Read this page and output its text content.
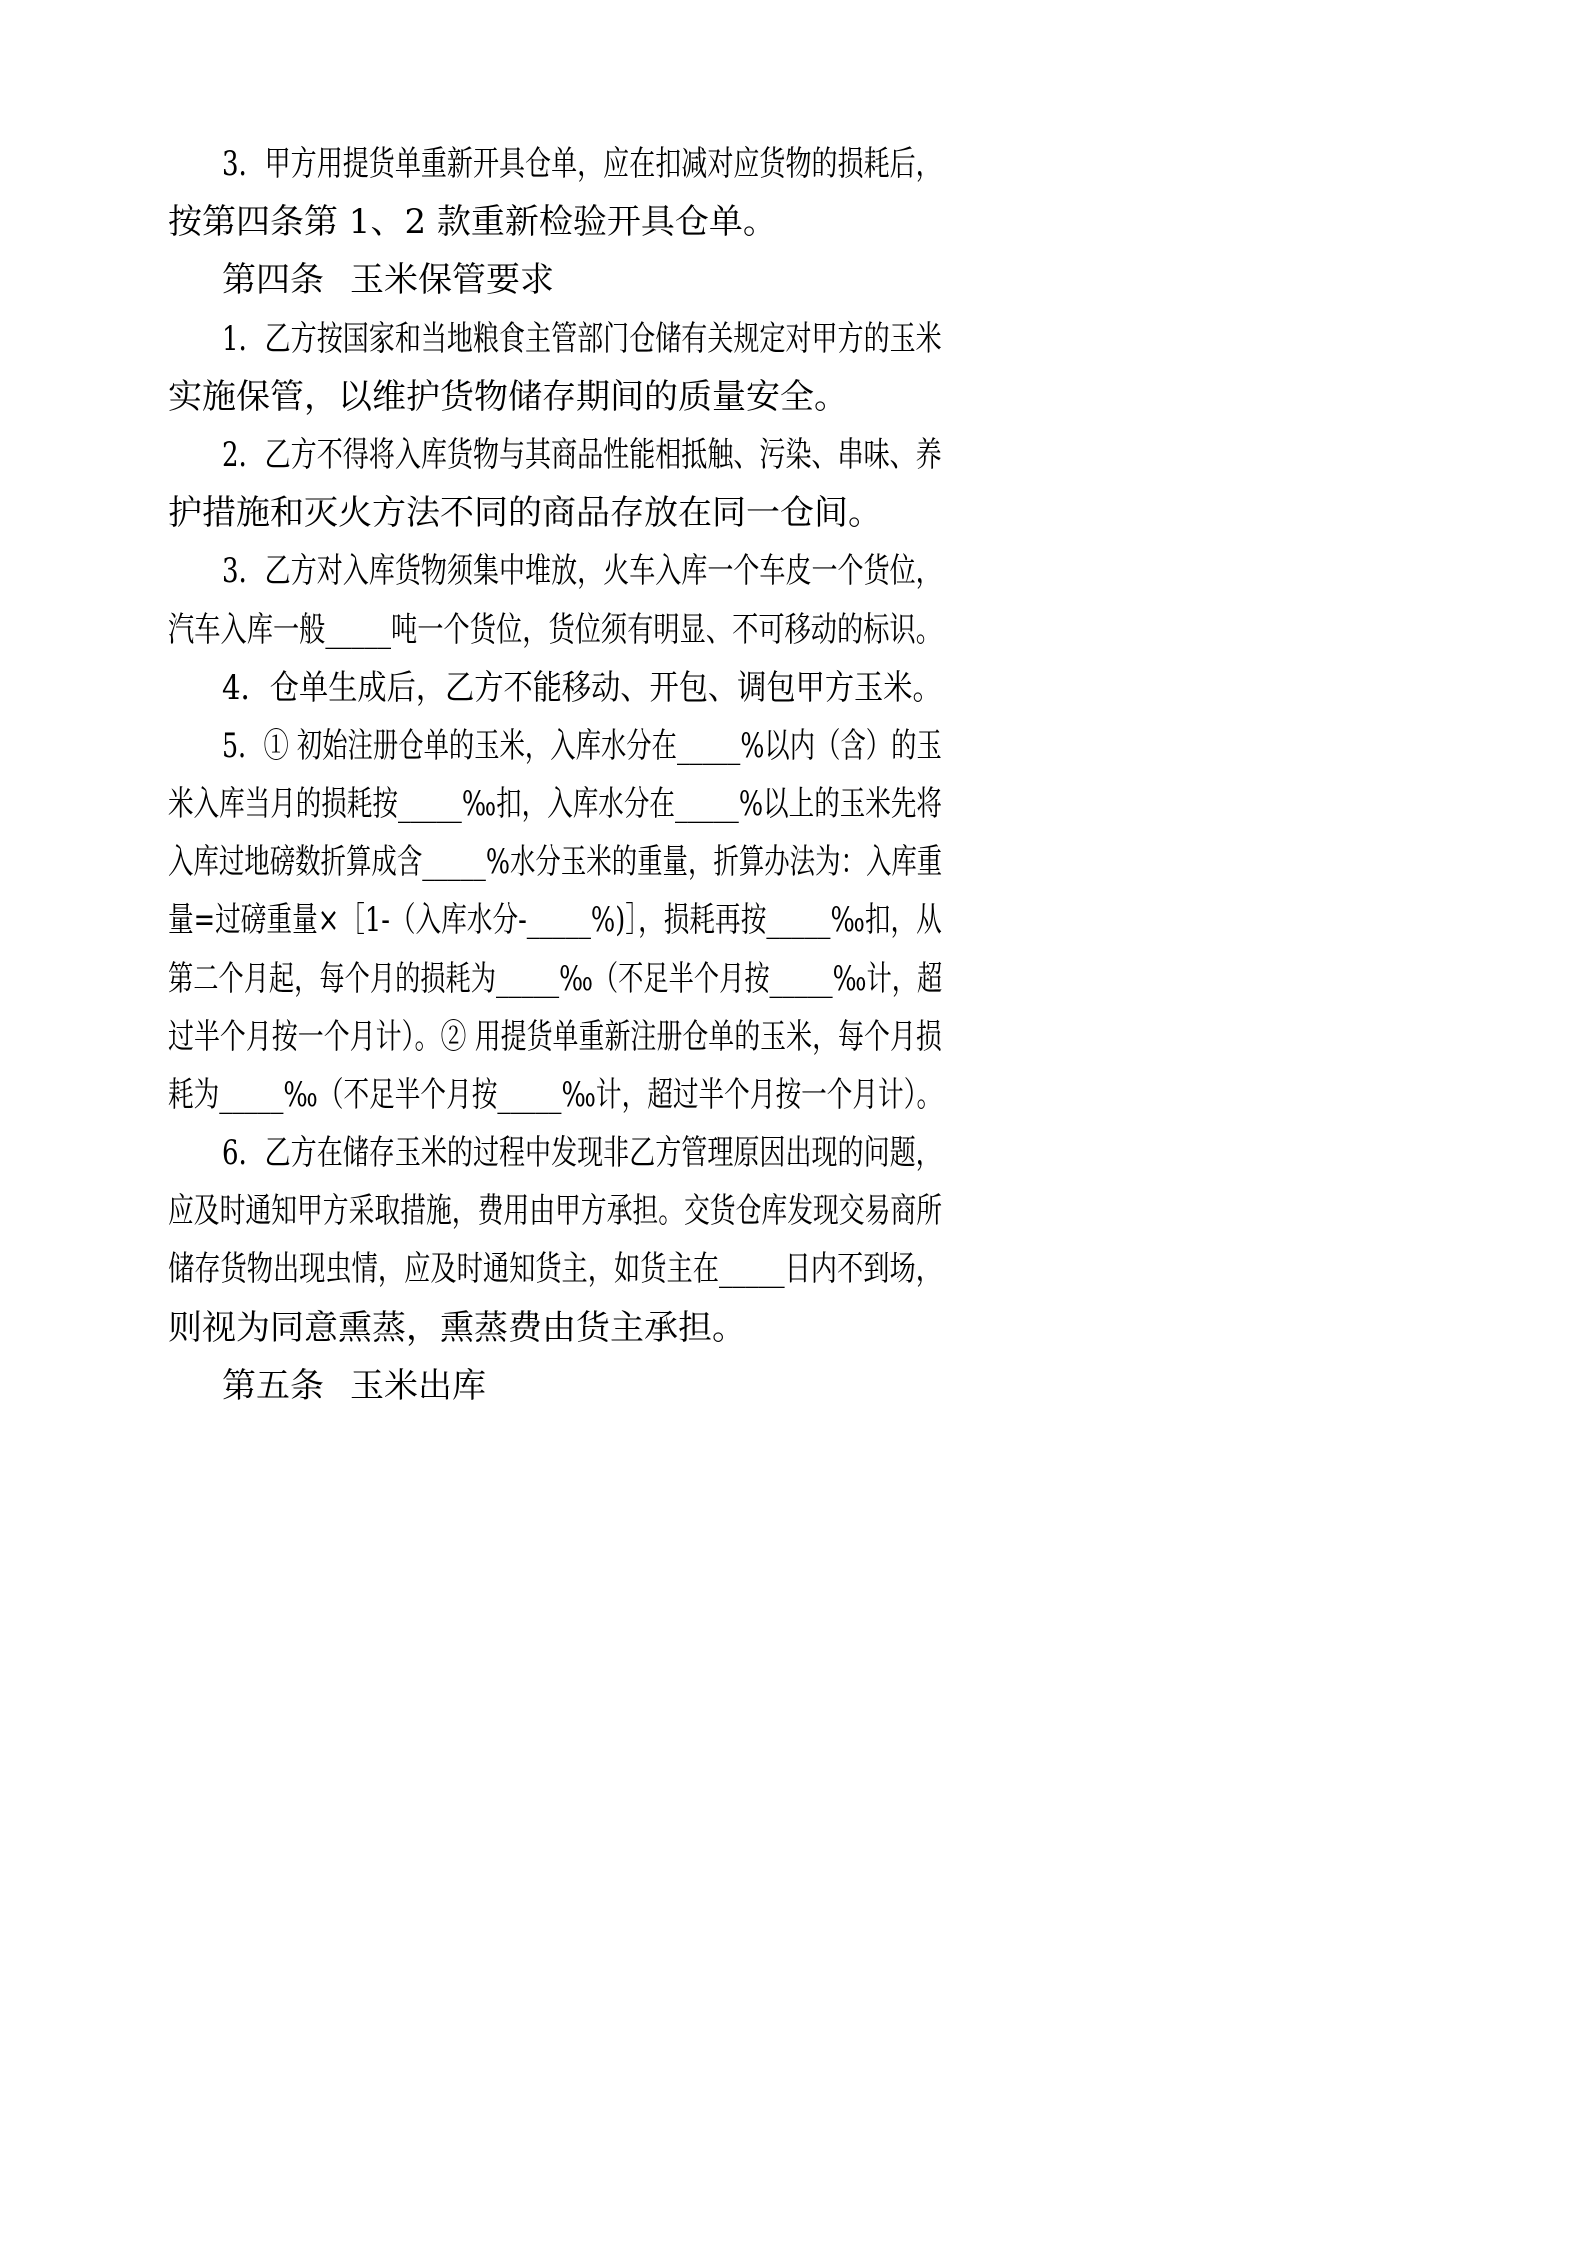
3．甲方用提货单重新开具仓单，应在扣减对应货物的损耗后，

按第四条第 1、2 款重新检验开具仓单。

第四条 玉米保管要求

1．乙方按国家和当地粮食主管部门仓储有关规定对甲方的玉米

实施保管，以维护货物储存期间的质量安全。

2．乙方不得将入库货物与其商品性能相抵触、污染、串味、养

护措施和灭火方法不同的商品存放在同一仓间。

3．乙方对入库货物须集中堆放，火车入库一个车皮一个货位，

汽车入库一般_____吨一个货位，货位须有明显、不可移动的标识。

4．仓单生成后，乙方不能移动、开包、调包甲方玉米。

5．① 初始注册仓单的玉米，入库水分在_____%以内（含）的玉

米入库当月的损耗按_____‰扣，入库水分在_____%以上的玉米先将

入库过地磅数折算成含_____%水分玉米的重量，折算办法为：入库重

量=过磅重量×［1-（入库水分-_____%)］，损耗再按_____‰扣，从

第二个月起，每个月的损耗为_____‰（不足半个月按_____‰计，超

过半个月按一个月计）。② 用提货单重新注册仓单的玉米，每个月损

耗为_____‰（不足半个月按_____‰计，超过半个月按一个月计）。

6．乙方在储存玉米的过程中发现非乙方管理原因出现的问题，

应及时通知甲方采取措施，费用由甲方承担。交货仓库发现交易商所

储存货物出现虫情，应及时通知货主，如货主在_____日内不到场，

则视为同意熏蒸，熏蒸费由货主承担。

第五条 玉米出库
